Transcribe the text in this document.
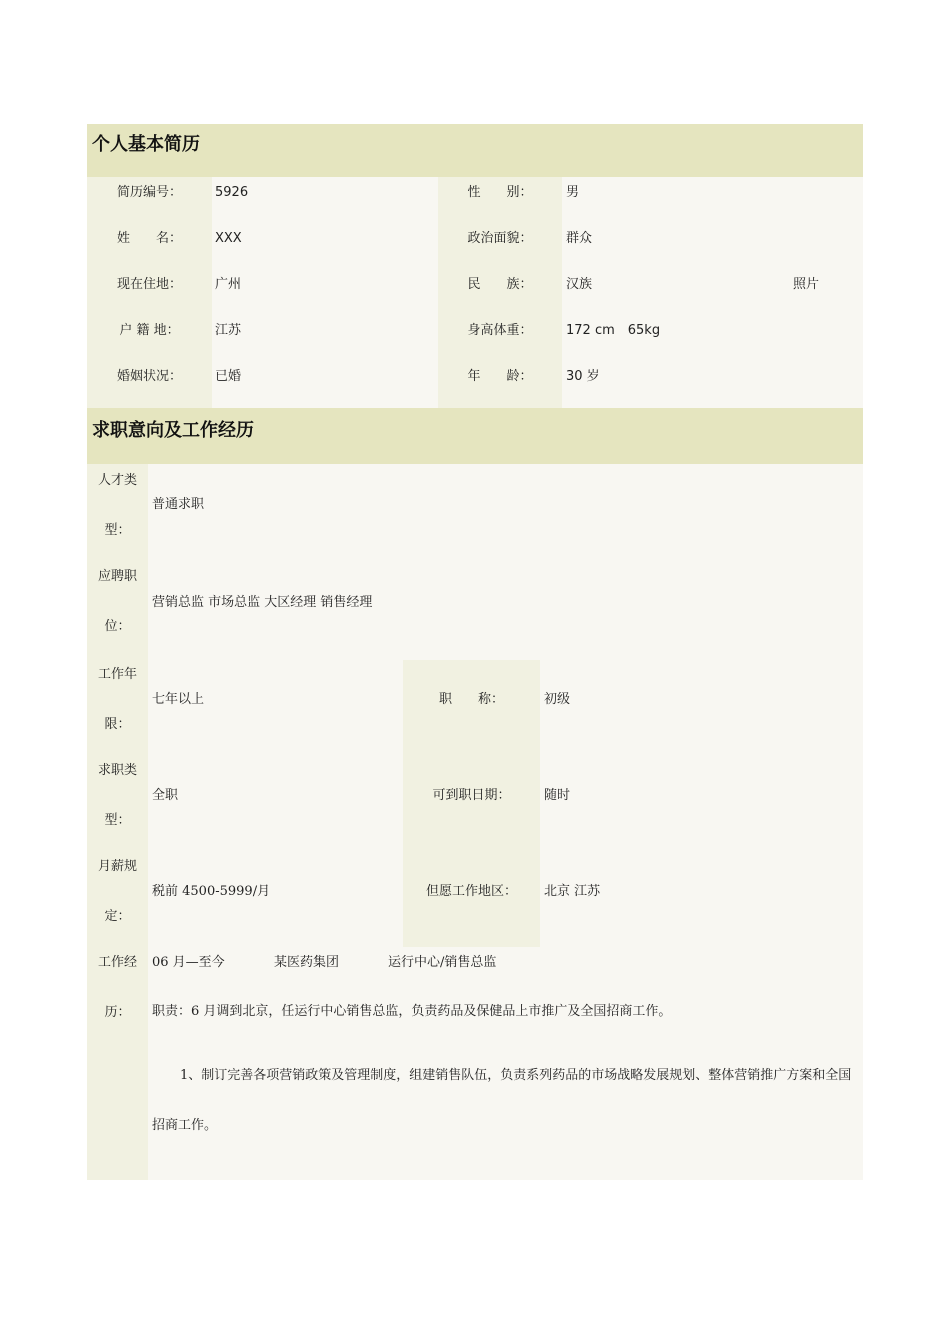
个人基本简历
简历编号：	5926	性　　别：	男
姓　　名：	XXX	政治面貌：	群众
现在住地：	广州	民　　族：	汉族	照片
户 籍 地：	江苏	身高体重：	172 cm　65kg
婚姻状况：	已婚	年　　龄：	30 岁
求职意向及工作经历
人才类
型：
普通求职
应聘职
位：
营销总监 市场总监 大区经理 销售经理
工作年
限：
七年以上	职　　称：	初级
求职类
型：
全职	可到职日期：	随时
月薪规
定：
税前 4500-5999/月	但愿工作地区：	北京 江苏
工作经
历：
06 月—至今	某医药集团	运行中心/销售总监
职责：6 月调到北京，任运行中心销售总监，负责药品及保健品上市推广及全国招商工作。
1、制订完善各项营销政策及管理制度，组建销售队伍，负责系列药品的市场战略发展规划、整体营销推广方案和全国招商工作。
